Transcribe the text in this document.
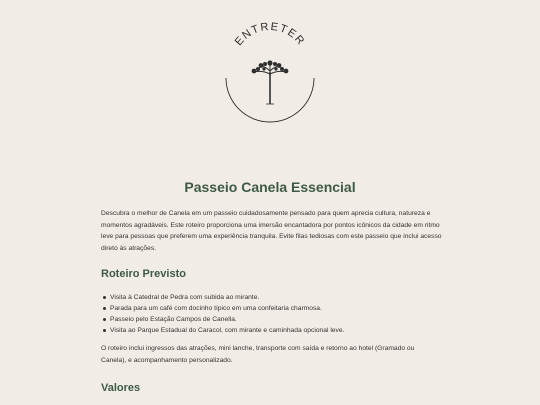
ENTRETER
Passeio Canela Essencial

Descubra o melhor de Canela em um passeio cuidadosamente pensado para quem aprecia cultura, natureza e momentos agradáveis. Este roteiro proporciona uma imersão encantadora por pontos icônicos da cidade em ritmo leve para pessoas que preferem uma experiência tranquila. Evite filas tediosas com este passeio que inclui acesso direto às atrações.

Roteiro Previsto
Visita à Catedral de Pedra com subida ao mirante.
Parada para um café com docinho típico em uma confeitaria charmosa.
Passeio pelo Estação Campos de Canella.
Visita ao Parque Estadual do Caracol, com mirante e caminhada opcional leve.

O roteiro inclui ingressos das atrações, mini lanche, transporte com saída e retorno ao hotel (Gramado ou Canela), e acompanhamento personalizado.

Valores
